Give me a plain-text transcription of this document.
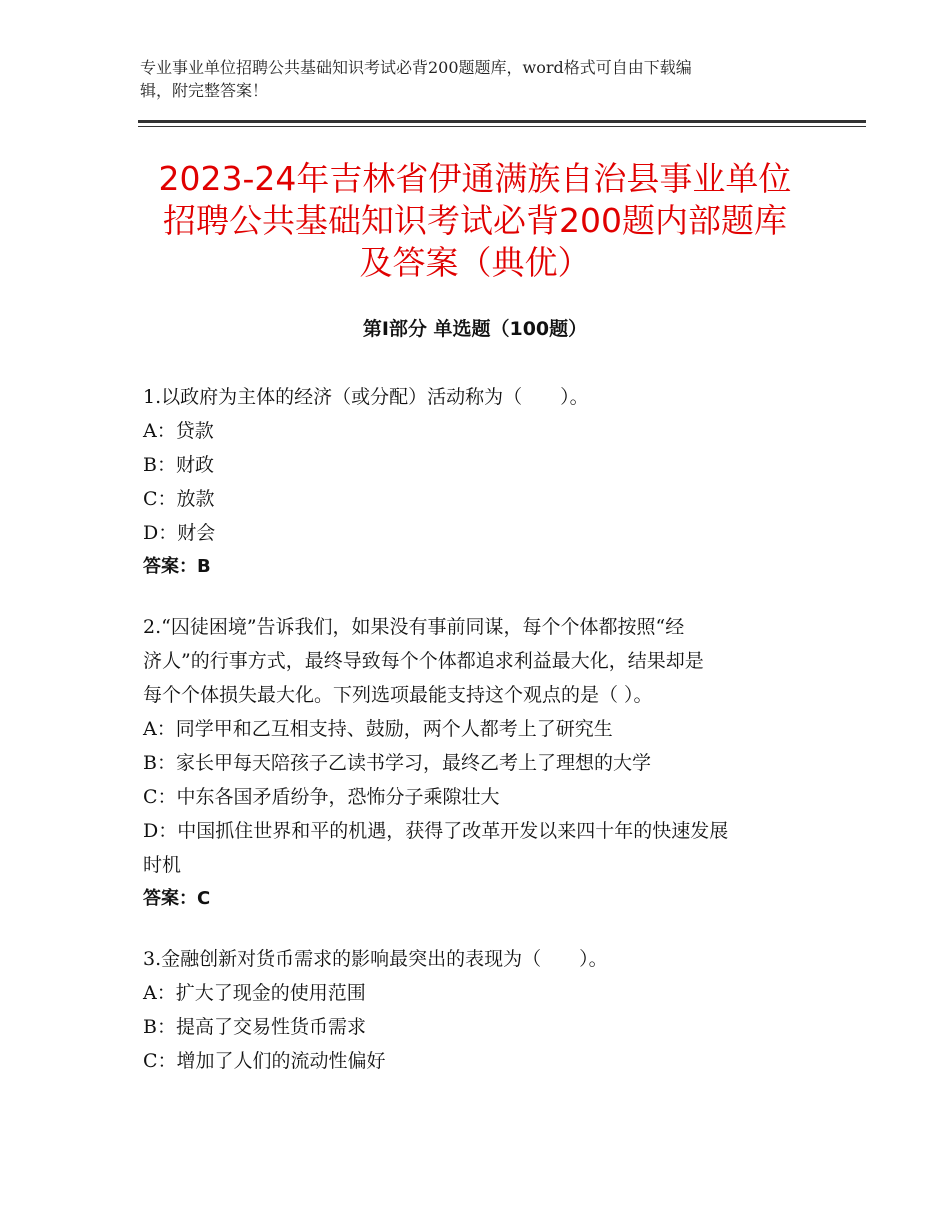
专业事业单位招聘公共基础知识考试必背200题题库，word格式可自由下载编
辑，附完整答案！
2023-24年吉林省伊通满族自治县事业单位
招聘公共基础知识考试必背200题内部题库
及答案（典优）
第Ⅰ部分 单选题（100题）

1.以政府为主体的经济（或分配）活动称为（　　）。

A：贷款

B：财政

C：放款

D：财会

答案：B

2.“囚徒困境”告诉我们，如果没有事前同谋，每个个体都按照“经

济人”的行事方式，最终导致每个个体都追求利益最大化，结果却是

每个个体损失最大化。下列选项最能支持这个观点的是（ ）。

A：同学甲和乙互相支持、鼓励，两个人都考上了研究生

B：家长甲每天陪孩子乙读书学习，最终乙考上了理想的大学

C：中东各国矛盾纷争，恐怖分子乘隙壮大

D：中国抓住世界和平的机遇，获得了改革开发以来四十年的快速发展

时机

答案：C

3.金融创新对货币需求的影响最突出的表现为（　　）。

A：扩大了现金的使用范围

B：提高了交易性货币需求

C：增加了人们的流动性偏好
